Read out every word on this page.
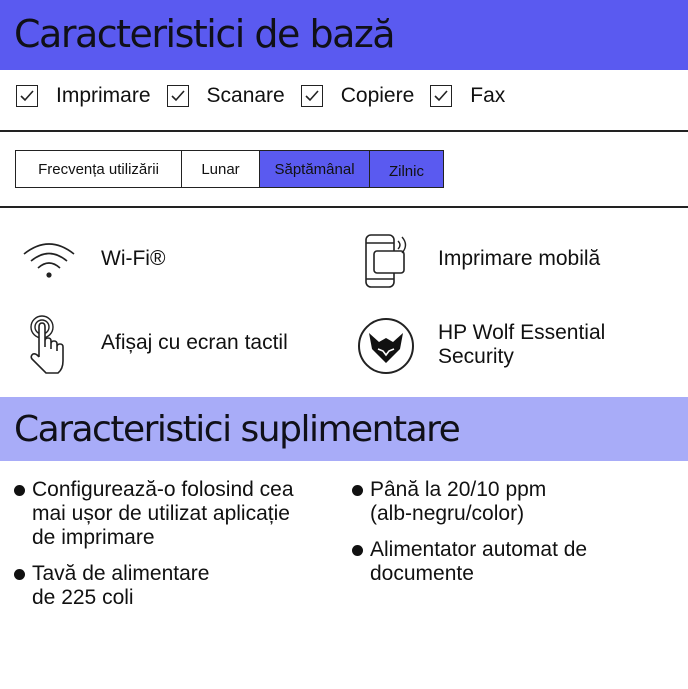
Caracteristici de bază
Imprimare	Scanare	Copiere	Fax
Frecvența utilizării	Lunar	Săptămânal	Zilnic
Wi-Fi®	Imprimare mobilă
Afișaj cu ecran tactil	HP Wolf Essential
Security
Caracteristici suplimentare
Configurează-o folosind cea
mai ușor de utilizat aplicație
de imprimare
Tavă de alimentare
de 225 coli
Până la 20/10 ppm
(alb-negru/color)
Alimentator automat de
documente
